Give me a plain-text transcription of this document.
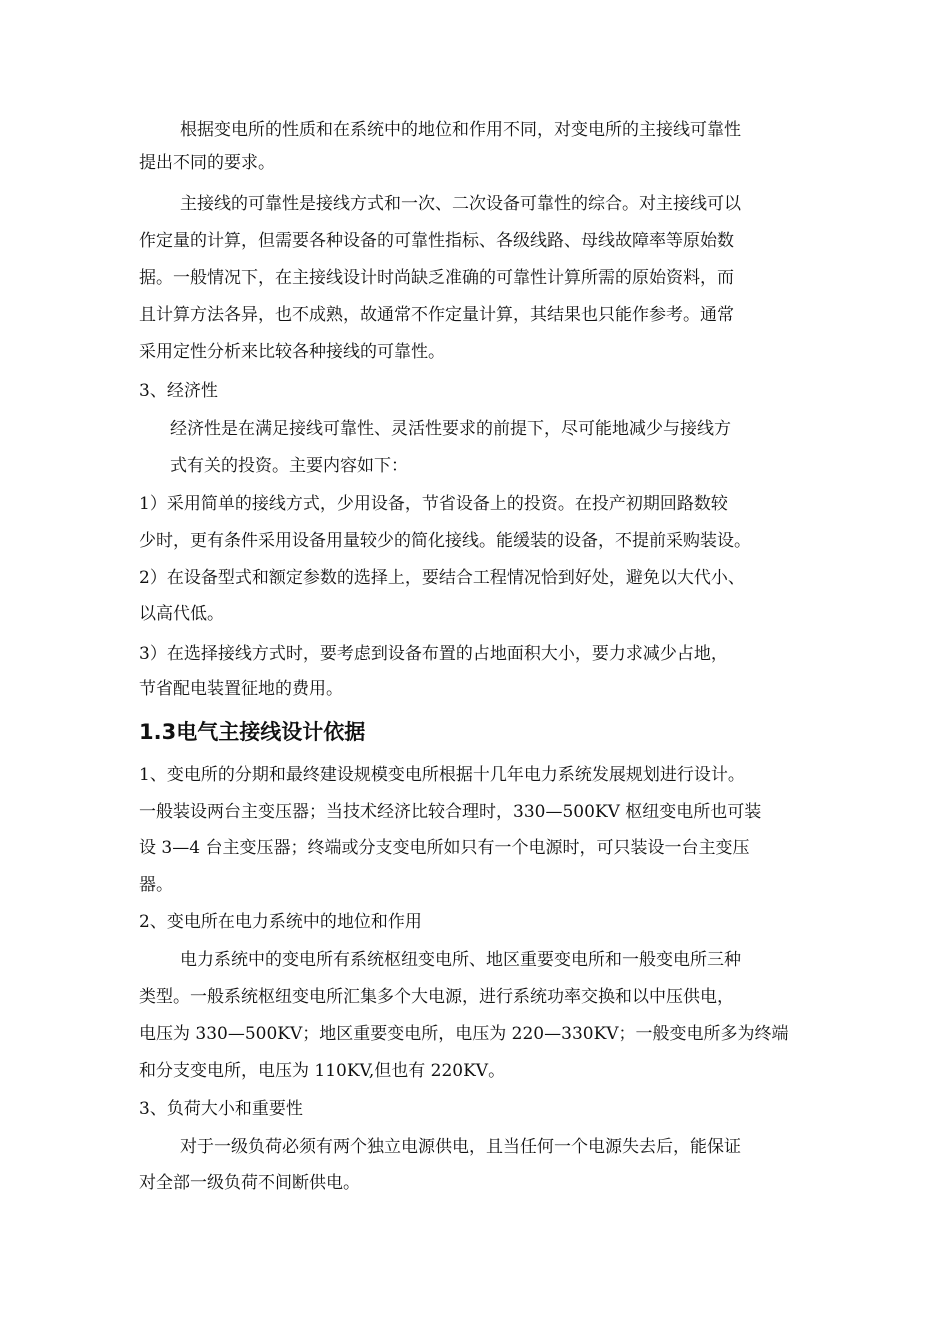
根据变电所的性质和在系统中的地位和作用不同，对变电所的主接线可靠性
提出不同的要求。
主接线的可靠性是接线方式和一次、二次设备可靠性的综合。对主接线可以
作定量的计算，但需要各种设备的可靠性指标、各级线路、母线故障率等原始数
据。一般情况下，在主接线设计时尚缺乏准确的可靠性计算所需的原始资料，而
且计算方法各异，也不成熟，故通常不作定量计算，其结果也只能作参考。通常
采用定性分析来比较各种接线的可靠性。
3、经济性
经济性是在满足接线可靠性、灵活性要求的前提下，尽可能地减少与接线方
式有关的投资。主要内容如下：
1）采用简单的接线方式，少用设备，节省设备上的投资。在投产初期回路数较
少时，更有条件采用设备用量较少的简化接线。能缓装的设备，不提前采购装设。
2）在设备型式和额定参数的选择上，要结合工程情况恰到好处，避免以大代小、
以高代低。
3）在选择接线方式时，要考虑到设备布置的占地面积大小，要力求减少占地，
节省配电装置征地的费用。
1.3电气主接线设计依据
1、变电所的分期和最终建设规模变电所根据十几年电力系统发展规划进行设计。
一般装设两台主变压器；当技术经济比较合理时，330—500KV 枢纽变电所也可装
设 3—4 台主变压器；终端或分支变电所如只有一个电源时，可只装设一台主变压
器。
2、变电所在电力系统中的地位和作用
电力系统中的变电所有系统枢纽变电所、地区重要变电所和一般变电所三种
类型。一般系统枢纽变电所汇集多个大电源，进行系统功率交换和以中压供电，
电压为 330—500KV；地区重要变电所，电压为 220—330KV；一般变电所多为终端
和分支变电所，电压为 110KV,但也有 220KV。
3、负荷大小和重要性
对于一级负荷必须有两个独立电源供电，且当任何一个电源失去后，能保证
对全部一级负荷不间断供电。
